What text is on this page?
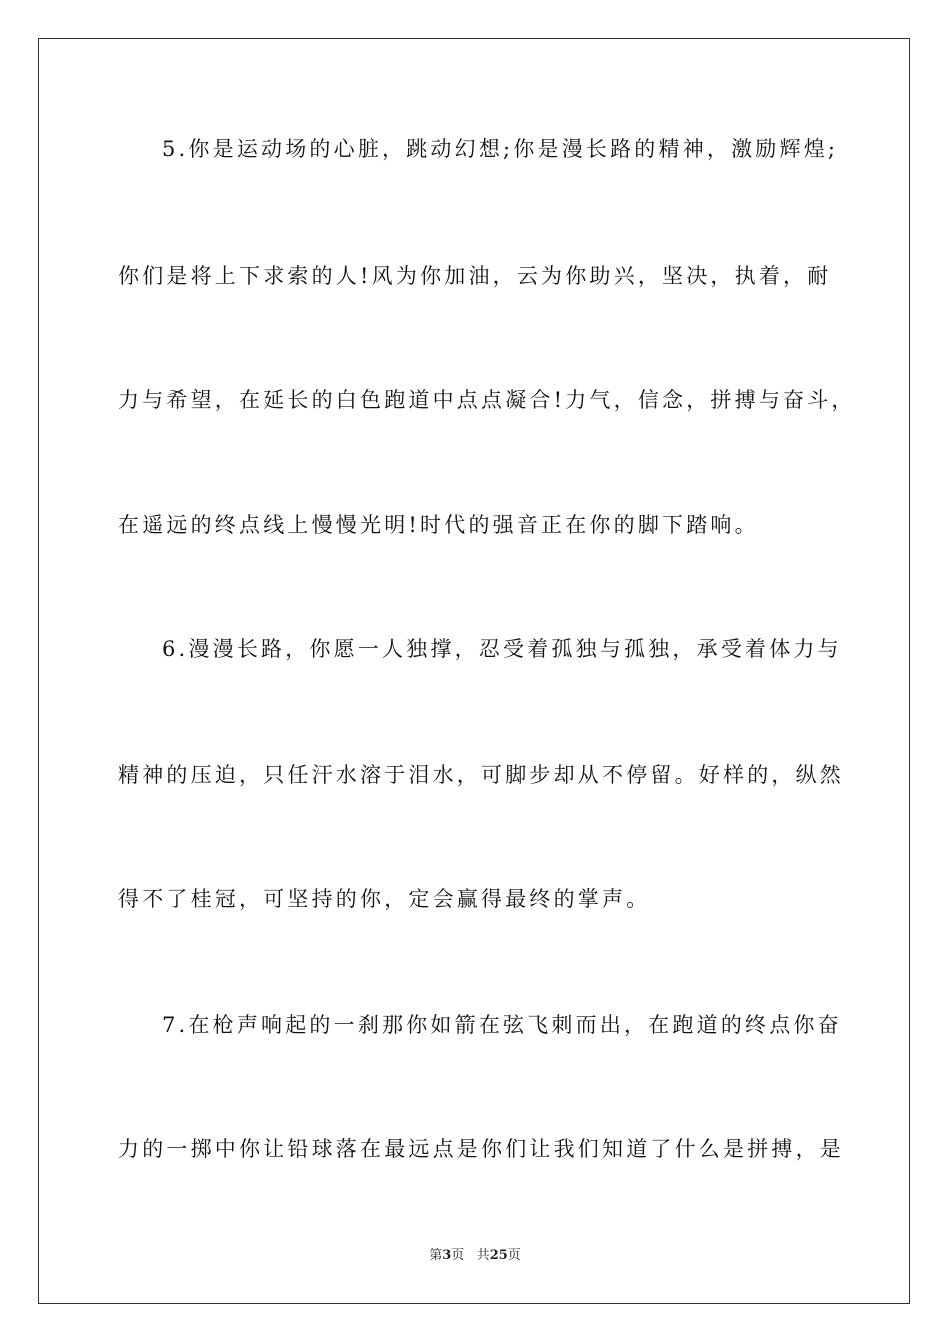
5.你是运动场的心脏，跳动幻想;你是漫长路的精神，激励辉煌;
你们是将上下求索的人!风为你加油，云为你助兴，坚决，执着，耐
力与希望，在延长的白色跑道中点点凝合!力气，信念，拼搏与奋斗，
在遥远的终点线上慢慢光明!时代的强音正在你的脚下踏响。
6.漫漫长路，你愿一人独撑，忍受着孤独与孤独，承受着体力与
精神的压迫，只任汗水溶于泪水，可脚步却从不停留。好样的，纵然
得不了桂冠，可坚持的你，定会赢得最终的掌声。
7.在枪声响起的一刹那你如箭在弦飞刺而出，在跑道的终点你奋
力的一掷中你让铅球落在最远点是你们让我们知道了什么是拼搏，是
第3页 共25页
